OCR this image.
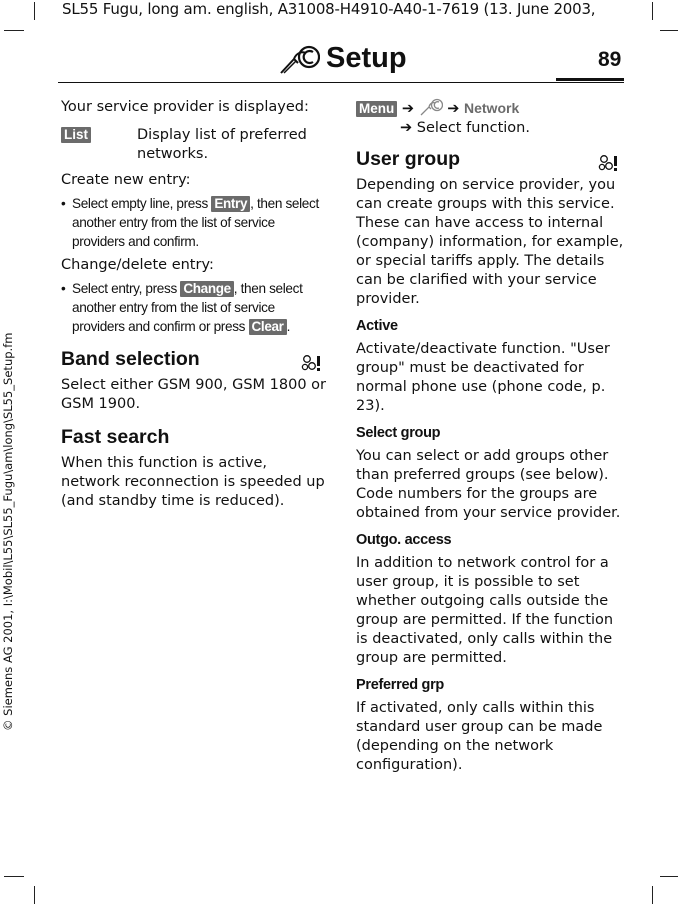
SL55 Fugu, long am. english, A31008-H4910-A40-1-7619 (13. June 2003,
© Siemens AG 2001, I:\Mobil\L55\SL55_Fugu\am\long\SL55_Setup.fm
Setup	89

Your service provider is displayed:

List	Display list of preferred networks.

Create new entry:

• Select empty line, press Entry , then select another entry from the list of service providers and confirm.

Change/delete entry:

• Select entry, press Change , then select another entry from the list of service providers and confirm or press Clear .
Band selection

Select either GSM 900, GSM 1800 or GSM 1900.

Fast search

When this function is active, network reconnection is speeded up (and standby time is reduced).

Menu ➔ ➔ Network
➔ Select function.
User group

Depending on service provider, you can create groups with this service. These can have access to internal (company) information, for example, or special tariffs apply. The details can be clarified with your service provider.

Active

Activate/deactivate function. "User group" must be deactivated for normal phone use (phone code, p. 23).

Select group

You can select or add groups other than preferred groups (see below). Code numbers for the groups are obtained from your service provider.

Outgo. access

In addition to network control for a user group, it is possible to set whether outgoing calls outside the group are permitted. If the function is deactivated, only calls within the group are permitted.

Preferred grp

If activated, only calls within this standard user group can be made (depending on the network configuration).
